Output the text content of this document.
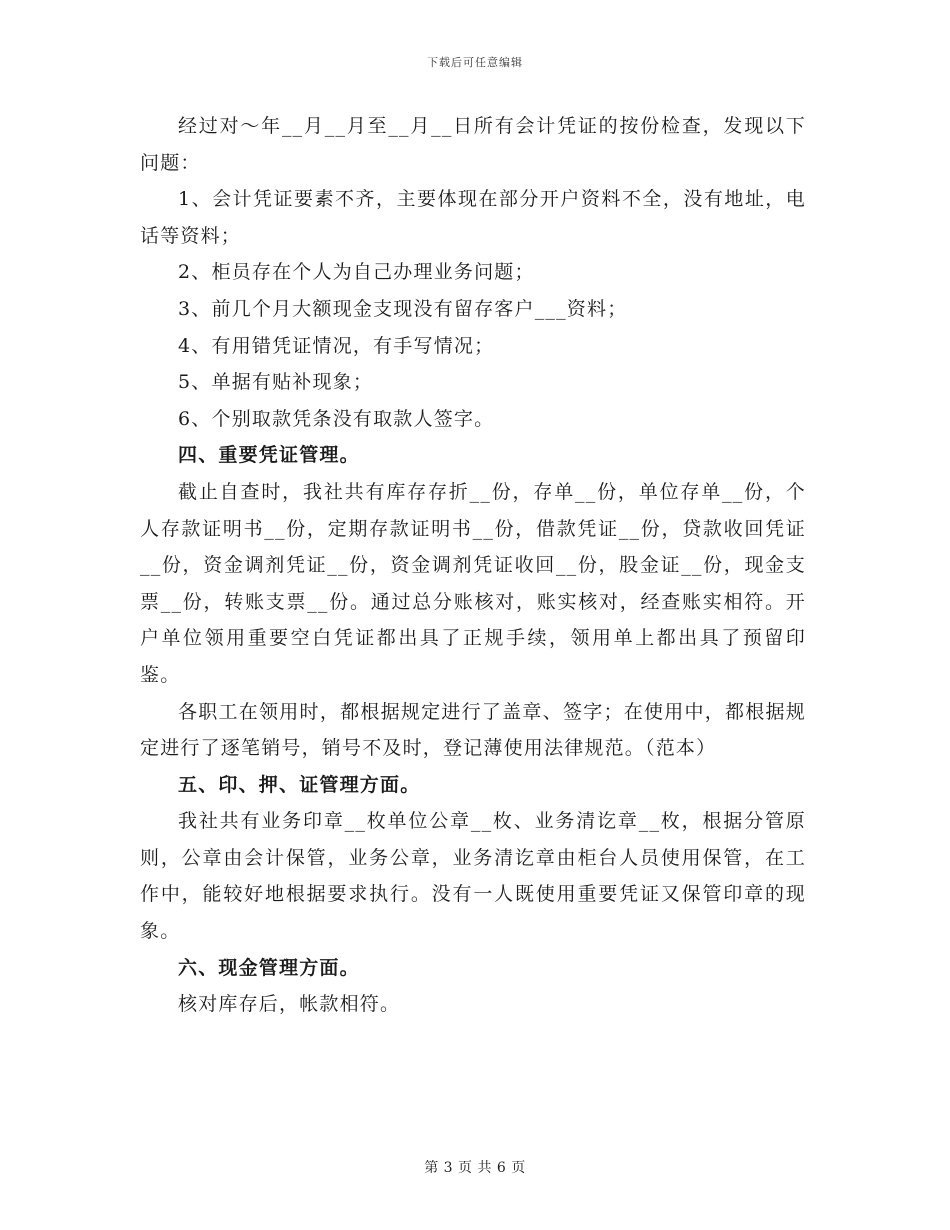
下载后可任意编辑

经过对～年__月__月至__月__日所有会计凭证的按份检查，发现以下问题：

1、会计凭证要素不齐，主要体现在部分开户资料不全，没有地址，电话等资料；

2、柜员存在个人为自己办理业务问题；

3、前几个月大额现金支现没有留存客户___资料；

4、有用错凭证情况，有手写情况；

5、单据有贴补现象；

6、个别取款凭条没有取款人签字。

四、重要凭证管理。

截止自查时，我社共有库存存折__份，存单__份，单位存单__份，个人存款证明书__份，定期存款证明书__份，借款凭证__份，贷款收回凭证__份，资金调剂凭证__份，资金调剂凭证收回__份，股金证__份，现金支票__份，转账支票__份。通过总分账核对，账实核对，经查账实相符。开户单位领用重要空白凭证都出具了正规手续，领用单上都出具了预留印鉴。

各职工在领用时，都根据规定进行了盖章、签字；在使用中，都根据规定进行了逐笔销号，销号不及时，登记薄使用法律规范。（范本）

五、印、押、证管理方面。

我社共有业务印章__枚单位公章__枚、业务清讫章__枚，根据分管原则，公章由会计保管，业务公章，业务清讫章由柜台人员使用保管，在工作中，能较好地根据要求执行。没有一人既使用重要凭证又保管印章的现象。

六、现金管理方面。

核对库存后，帐款相符。

第 3 页 共 6 页
